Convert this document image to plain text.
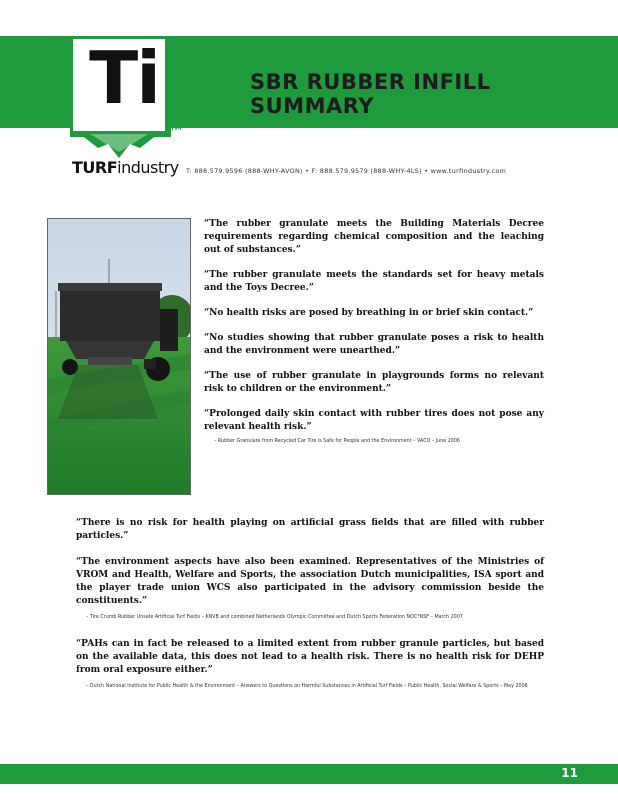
Ti
TM
TURFindustry T: 888.579.9596 (888-WHY-AVON) • F: 888.579.9579 (888-WHY-4LS) • www.turfindustry.com
SBR RUBBER INFILL SUMMARY

“The rubber granulate meets the Building Materials Decree requirements regarding chemical composition and the leaching out of substances.”

“The rubber granulate meets the standards set for heavy metals and the Toys Decree.”

“No health risks are posed by breathing in or brief skin contact.”

“No studies showing that rubber granulate poses a risk to health and the environment were unearthed.”

“The use of rubber granulate in playgrounds forms no relevant risk to children or the environment.”

“Prolonged daily skin contact with rubber tires does not pose any relevant health risk.”

– Rubber Granulate from Recycled Car Tire is Safe for People and the Environment – VACO – June 2006

“There is no risk for health playing on artificial grass fields that are filled with rubber particles.”

“The environment aspects have also been examined. Representatives of the Ministries of VROM and Health, Welfare and Sports, the association Dutch municipalities, ISA sport and the player trade union WCS also participated in the advisory commission beside the constituents.”

– Tire Crumb Rubber Unsafe Artificial Turf Fields – KNVB and combined Netherlands Olympic Committee and Dutch Sports Federation NOC*NSF – March 2007

“PAHs can in fact be released to a limited extent from rubber granule particles, but based on the available data, this does not lead to a health risk. There is no health risk for DEHP from oral exposure either.”

– Dutch National Institute for Public Health & the Environment – Answers to Questions on Harmful Substances in Artificial Turf Fields – Public Health, Social Welfare & Sports – May 2006
11
